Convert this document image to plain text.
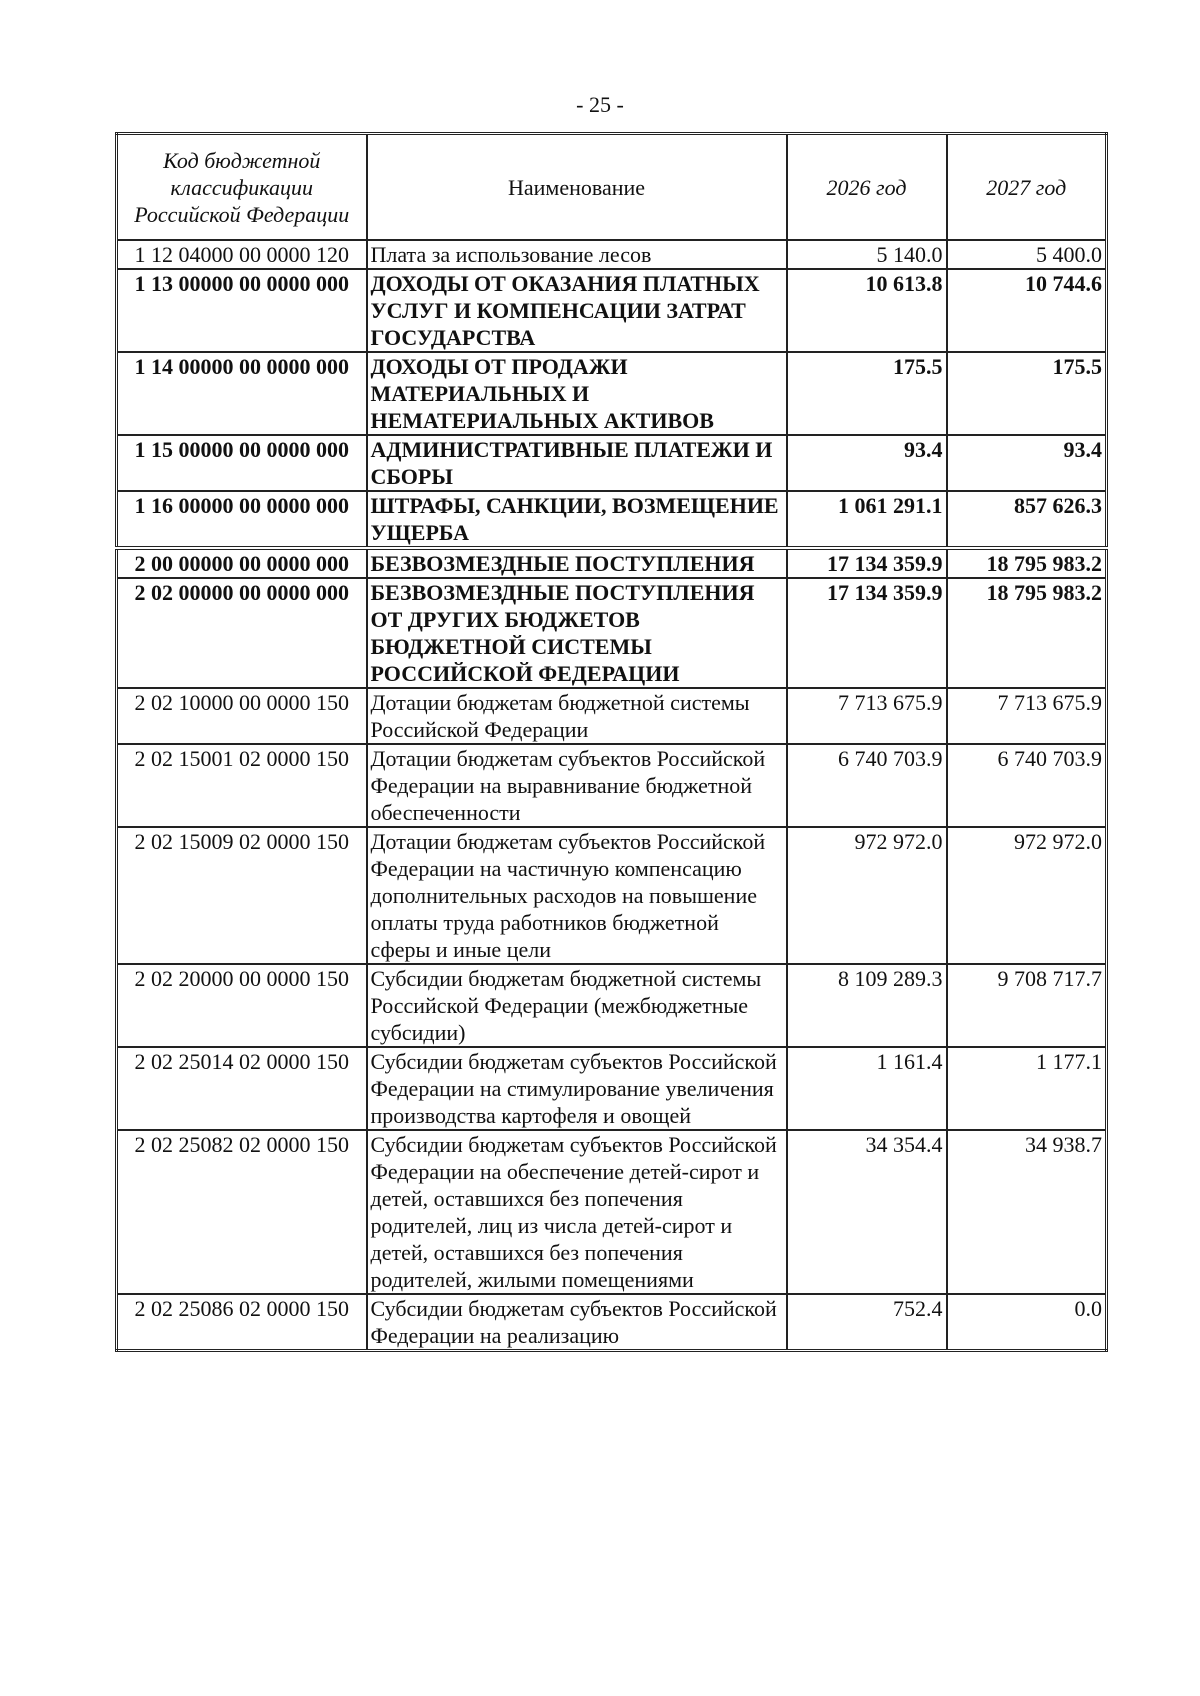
- 25 -
Код бюджетной классификации Российской Федерации	Наименование	2026 год	2027 год
1 12 04000 00 0000 120	Плата за использование лесов	5 140.0	5 400.0
1 13 00000 00 0000 000	ДОХОДЫ ОТ ОКАЗАНИЯ ПЛАТНЫХ УСЛУГ И КОМПЕНСАЦИИ ЗАТРАТ ГОСУДАРСТВА	10 613.8	10 744.6
1 14 00000 00 0000 000	ДОХОДЫ ОТ ПРОДАЖИ МАТЕРИАЛЬНЫХ И НЕМАТЕРИАЛЬНЫХ АКТИВОВ	175.5	175.5
1 15 00000 00 0000 000	АДМИНИСТРАТИВНЫЕ ПЛАТЕЖИ И СБОРЫ	93.4	93.4
1 16 00000 00 0000 000	ШТРАФЫ, САНКЦИИ, ВОЗМЕЩЕНИЕ УЩЕРБА	1 061 291.1	857 626.3
2 00 00000 00 0000 000	БЕЗВОЗМЕЗДНЫЕ ПОСТУПЛЕНИЯ	17 134 359.9	18 795 983.2
2 02 00000 00 0000 000	БЕЗВОЗМЕЗДНЫЕ ПОСТУПЛЕНИЯ ОТ ДРУГИХ БЮДЖЕТОВ БЮДЖЕТНОЙ СИСТЕМЫ РОССИЙСКОЙ ФЕДЕРАЦИИ	17 134 359.9	18 795 983.2
2 02 10000 00 0000 150	Дотации бюджетам бюджетной системы Российской Федерации	7 713 675.9	7 713 675.9
2 02 15001 02 0000 150	Дотации бюджетам субъектов Российской Федерации на выравнивание бюджетной обеспеченности	6 740 703.9	6 740 703.9
2 02 15009 02 0000 150	Дотации бюджетам субъектов Российской Федерации на частичную компенсацию дополнительных расходов на повышение оплаты труда работников бюджетной сферы и иные цели	972 972.0	972 972.0
2 02 20000 00 0000 150	Субсидии бюджетам бюджетной системы Российской Федерации (межбюджетные субсидии)	8 109 289.3	9 708 717.7
2 02 25014 02 0000 150	Субсидии бюджетам субъектов Российской Федерации на стимулирование увеличения производства картофеля и овощей	1 161.4	1 177.1
2 02 25082 02 0000 150	Субсидии бюджетам субъектов Российской Федерации на обеспечение детей-сирот и детей, оставшихся без попечения родителей, лиц из числа детей-сирот и детей, оставшихся без попечения родителей, жилыми помещениями	34 354.4	34 938.7
2 02 25086 02 0000 150	Субсидии бюджетам субъектов Российской Федерации на реализацию	752.4	0.0
